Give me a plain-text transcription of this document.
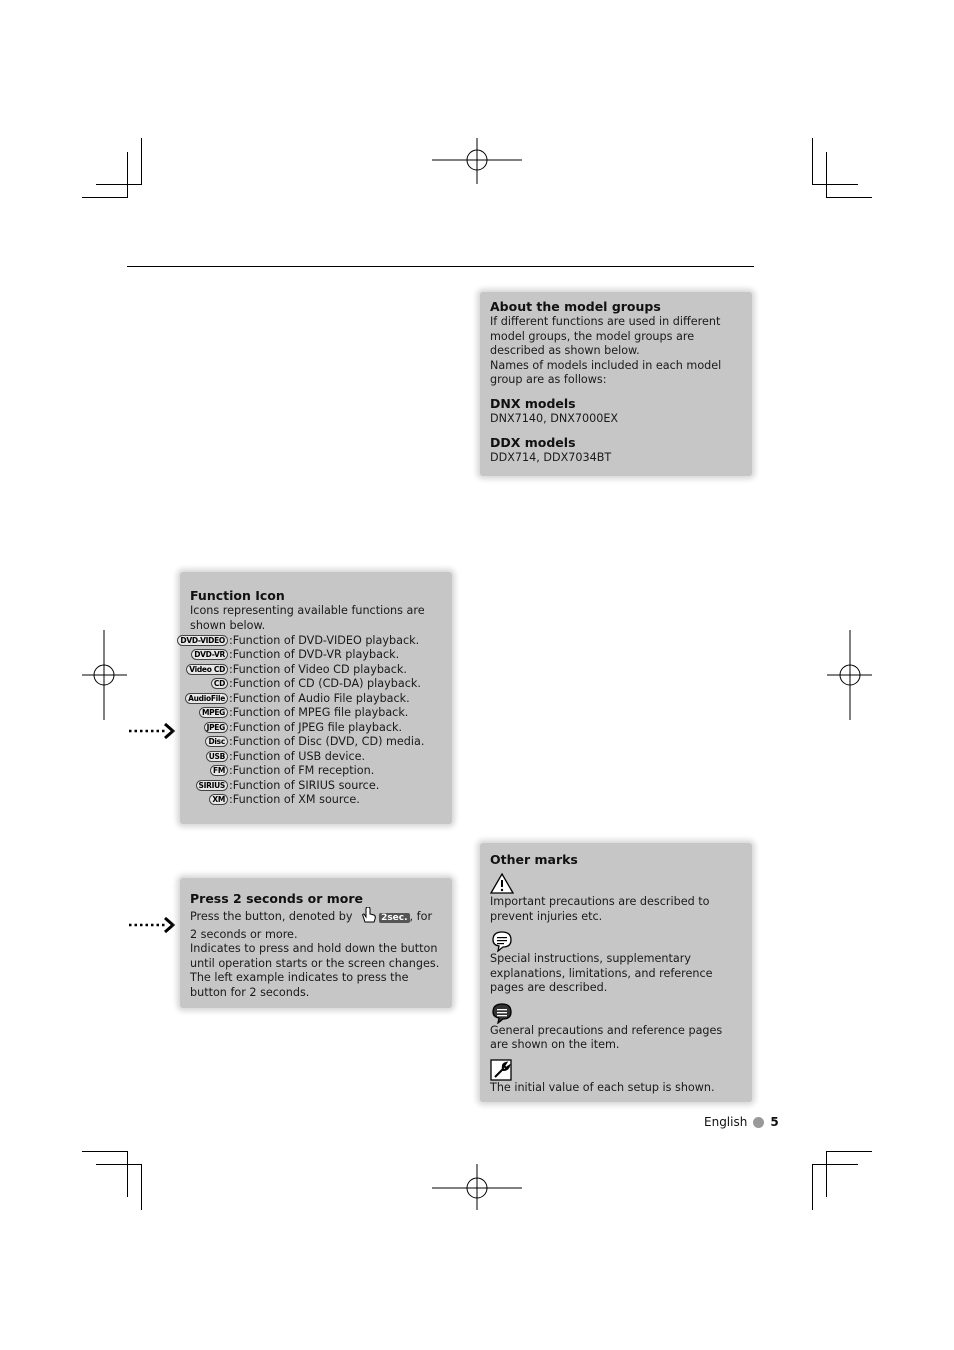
About the model groups

If different functions are used in different model groups, the model groups are described as shown below.

Names of models included in each model group are as follows:

DNX models

DNX7140, DNX7000EX

DDX models

DDX714, DDX7034BT

Function Icon

Icons representing available functions are shown below.

DVD-VIDEO :Function of DVD-VIDEO playback.
DVD-VR :Function of DVD-VR playback.
Video CD :Function of Video CD playback.
CD :Function of CD (CD-DA) playback.
AudioFile :Function of Audio File playback.
MPEG :Function of MPEG file playback.
JPEG :Function of JPEG file playback.
Disc :Function of Disc (DVD, CD) media.
USB :Function of USB device.
FM :Function of FM reception.
SIRIUS :Function of SIRIUS source.
XM :Function of XM source.
Press 2 seconds or more

Press the button, denoted by	2sec. , for 2 seconds or more.

Indicates to press and hold down the button until operation starts or the screen changes. The left example indicates to press the button for 2 seconds.

Other marks

Important precautions are described to prevent injuries etc.

Special instructions, supplementary explanations, limitations, and reference pages are described.

General precautions and reference pages are shown on the item.

The initial value of each setup is shown.

English 5
